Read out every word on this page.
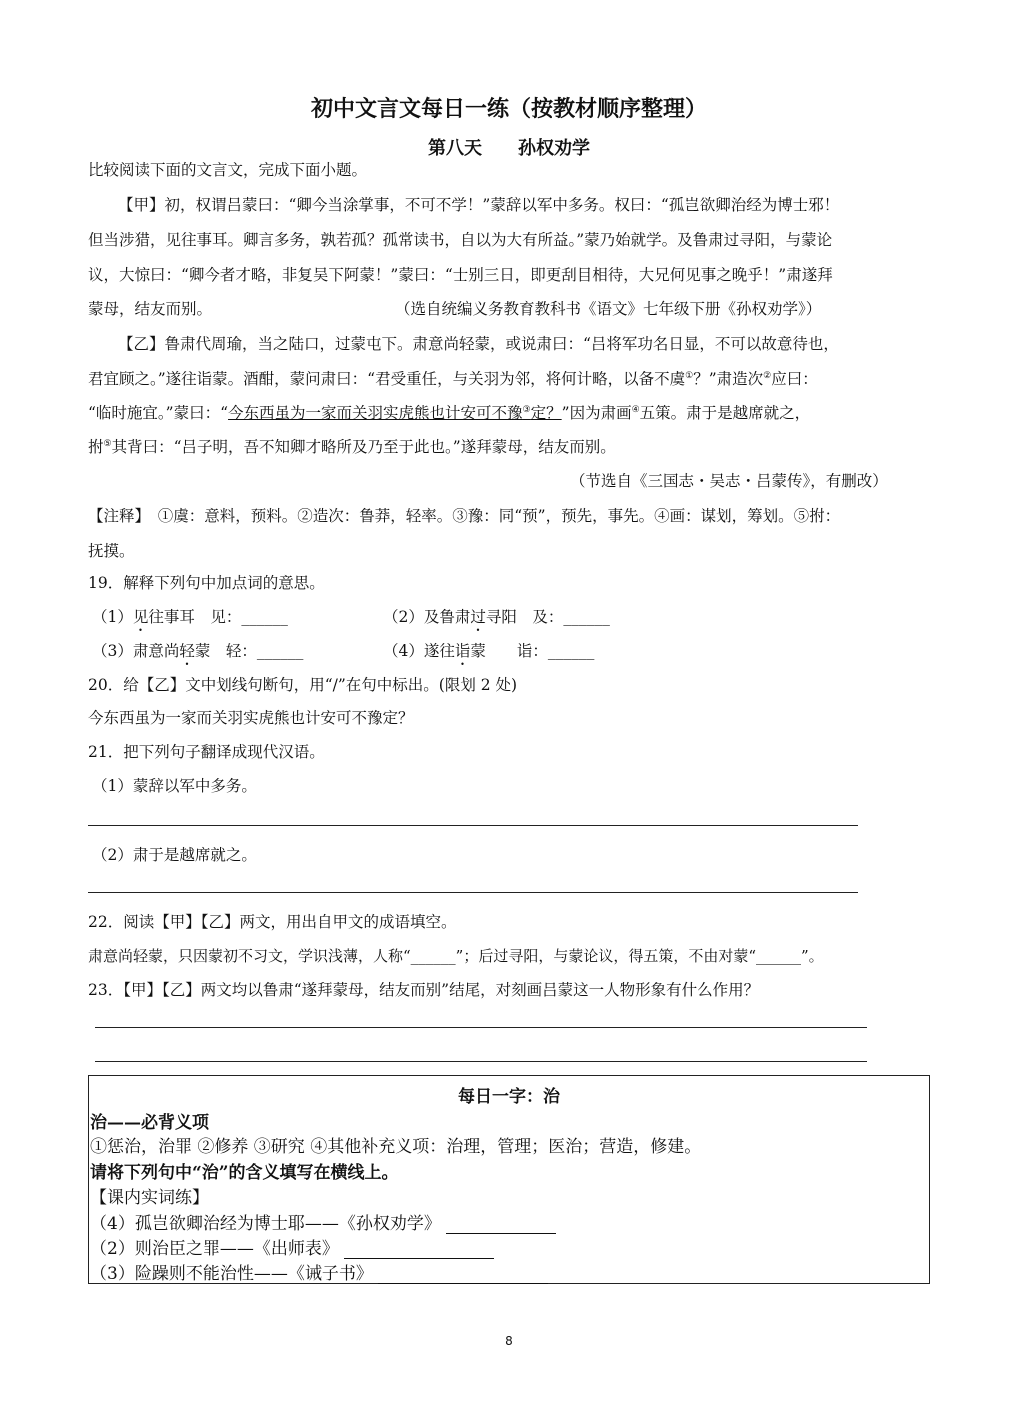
初中文言文每日一练（按教材顺序整理）
第八天　　孙权劝学
比较阅读下面的文言文，完成下面小题。
【甲】初，权谓吕蒙曰：“卿今当涂掌事，不可不学！”蒙辞以军中多务。权曰：“孤岂欲卿治经为博士邪！
但当涉猎，见往事耳。卿言多务，孰若孤？孤常读书，自以为大有所益。”蒙乃始就学。及鲁肃过寻阳，与蒙论
议，大惊曰：“卿今者才略，非复吴下阿蒙！”蒙曰：“士别三日，即更刮目相待，大兄何见事之晚乎！”肃遂拜
蒙母，结友而别。	（选自统编义务教育教科书《语文》七年级下册《孙权劝学》）
【乙】鲁肃代周瑜，当之陆口，过蒙屯下。肃意尚轻蒙，或说肃曰：“吕将军功名日显，不可以故意待也，
君宜顾之。”遂往诣蒙。酒酣，蒙问肃曰：“君受重任，与关羽为邻，将何计略，以备不虞①？”肃造次②应曰：
“临时施宜。”蒙曰：“今东西虽为一家而关羽实虎熊也计安可不豫③定？”因为肃画④五策。肃于是越席就之，
拊⑤其背曰：“吕子明，吾不知卿才略所及乃至于此也。”遂拜蒙母，结友而别。
（节选自《三国志・吴志・吕蒙传》，有删改）
【注释】　①虞：意料，预料。②造次：鲁莽，轻率。③豫：同“预”，预先，事先。④画：谋划，筹划。⑤拊：
抚摸。
19．解释下列句中加点词的意思。
（1）见往事耳　见：______	（2）及鲁肃过寻阳　及：______
（3）肃意尚轻蒙　轻：______	（4）遂往诣蒙　　诣：______
20．给【乙】文中划线句断句，用“/”在句中标出。(限划 2 处)
今东西虽为一家而关羽实虎熊也计安可不豫定？
21．把下列句子翻译成现代汉语。
（1）蒙辞以军中多务。
（2）肃于是越席就之。
22．阅读【甲】【乙】两文，用出自甲文的成语填空。
肃意尚轻蒙，只因蒙初不习文，学识浅薄，人称“______”；后过寻阳，与蒙论议，得五策，不由对蒙“______”。
23．【甲】【乙】两文均以鲁肃“遂拜蒙母，结友而别”结尾，对刻画吕蒙这一人物形象有什么作用？
每日一字：治
治——必背义项
①惩治，治罪 ②修养 ③研究 ④其他补充义项：治理，管理；医治；营造，修建。
请将下列句中“治”的含义填写在横线上。
【课内实词练】
（4）孤岂欲卿治经为博士耶——《孙权劝学》
（2）则治臣之罪——《出师表》
（3）险躁则不能治性——《诫子书》
8
